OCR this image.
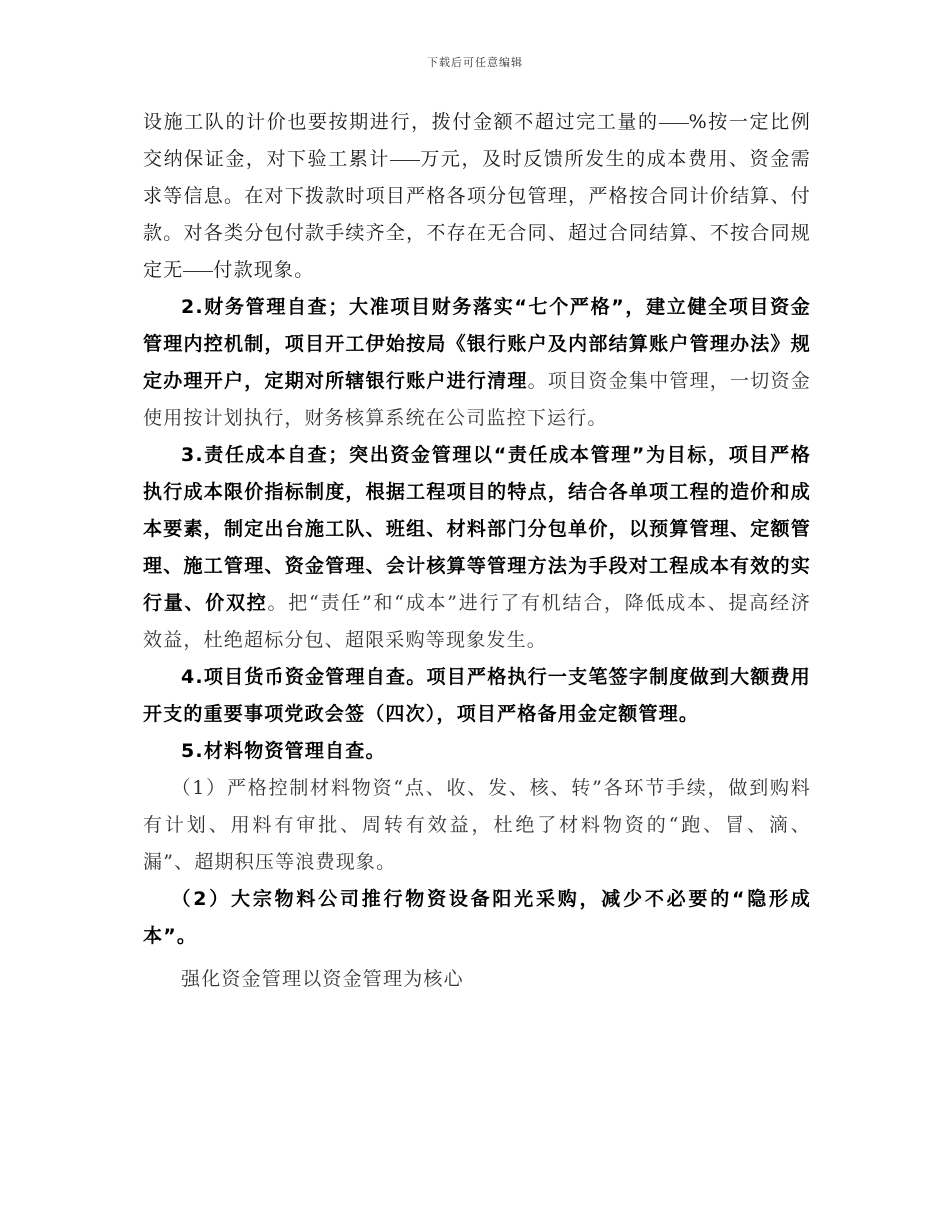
下载后可任意编辑

设施工队的计价也要按期进行，拨付金额不超过完工量的 %按一定比例交纳保证金，对下验工累计 万元，及时反馈所发生的成本费用、资金需求等信息。在对下拨款时项目严格各项分包管理，严格按合同计价结算、付款。对各类分包付款手续齐全，不存在无合同、超过合同结算、不按合同规定无 付款现象。

2.财务管理自查；大准项目财务落实“七个严格”，建立健全项目资金管理内控机制，项目开工伊始按局《银行账户及内部结算账户管理办法》规定办理开户，定期对所辖银行账户进行清理。项目资金集中管理，一切资金使用按计划执行，财务核算系统在公司监控下运行。

3.责任成本自查；突出资金管理以“责任成本管理”为目标，项目严格执行成本限价指标制度，根据工程项目的特点，结合各单项工程的造价和成本要素，制定出台施工队、班组、材料部门分包单价，以预算管理、定额管理、施工管理、资金管理、会计核算等管理方法为手段对工程成本有效的实行量、价双控。把“责任”和“成本”进行了有机结合，降低成本、提高经济效益，杜绝超标分包、超限采购等现象发生。

4.项目货币资金管理自查。项目严格执行一支笔签字制度做到大额费用开支的重要事项党政会签（四次），项目严格备用金定额管理。

5.材料物资管理自查。

（1）严格控制材料物资“点、收、发、核、转”各环节手续，做到购料有计划、用料有审批、周转有效益，杜绝了材料物资的“跑、冒、滴、漏”、超期积压等浪费现象。

（2）大宗物料公司推行物资设备阳光采购，减少不必要的“隐形成本”。

强化资金管理以资金管理为核心
